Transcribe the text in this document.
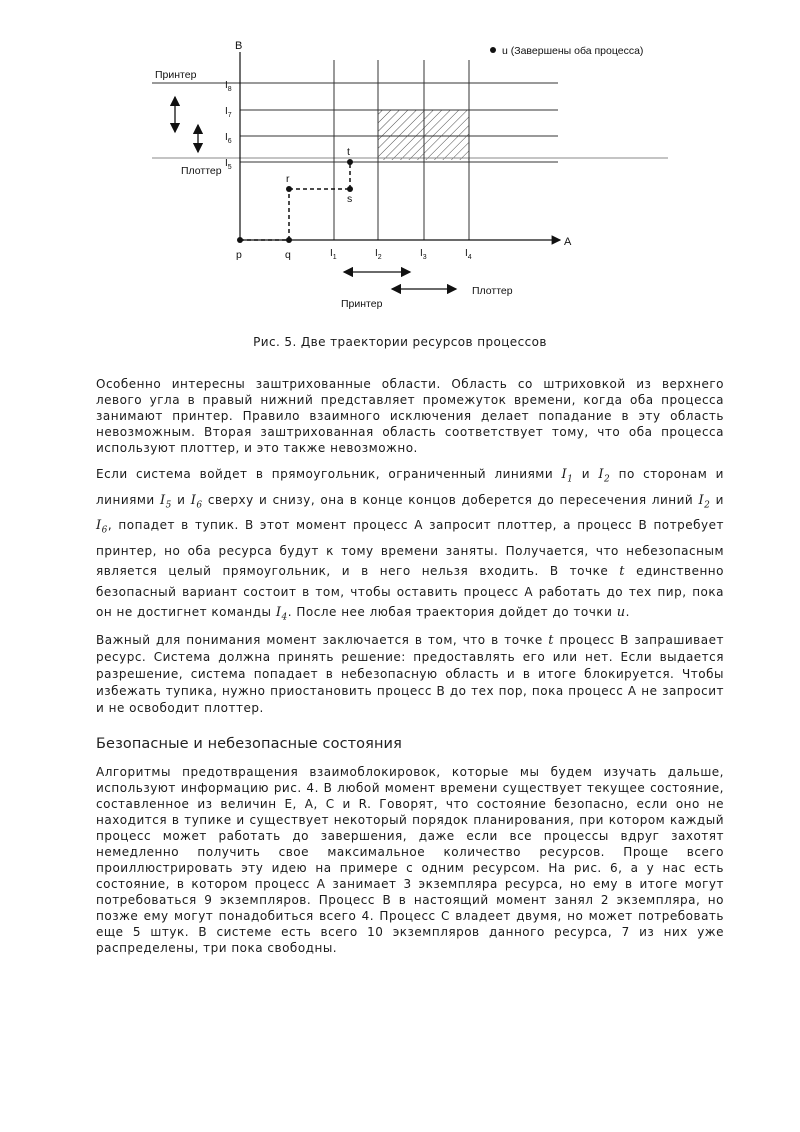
B
A
p	q
r
s
t
u (Завершены оба процесса)
$I_8$
$I_7$
$I_6$
$I_5$
$I_1$	$I_2$	$I_3$	$I_4$
Принтер
Плоттер
Принтер
Плоттер
Рис. 5. Две траектории ресурсов процессов

Особенно интересны заштрихованные области. Область со штриховкой из верхнего левого угла в правый нижний представляет промежуток времени, когда оба процесса занимают принтер. Правило взаимного исключения делает попадание в эту область невозможным. Вторая заштрихованная область соответствует тому, что оба процесса используют плоттер, и это также невозможно.

Если система войдет в прямоугольник, ограниченный линиями $I_1$ и $I_2$ по сторонам и линиями $I_5$ и $I_6$ сверху и снизу, она в конце концов доберется до пересечения линий $I_2$ и $I_6$, попадет в тупик. В этот момент процесс A запросит плоттер, а процесс B потребует принтер, но оба ресурса будут к тому времени заняты. Получается, что небезопасным является целый прямоугольник, и в него нельзя входить. В точке t единственно безопасный вариант состоит в том, чтобы оставить процесс A работать до тех пир, пока он не достигнет команды $I_4$. После нее любая траектория дойдет до точки u.

Важный для понимания момент заключается в том, что в точке t процесс B запрашивает ресурс. Система должна принять решение: предоставлять его или нет. Если выдается разрешение, система попадает в небезопасную область и в итоге блокируется. Чтобы избежать тупика, нужно приостановить процесс B до тех пор, пока процесс A не запросит и не освободит плоттер.

Безопасные и небезопасные состояния

Алгоритмы предотвращения взаимоблокировок, которые мы будем изучать дальше, используют информацию рис. 4. В любой момент времени существует текущее состояние, составленное из величин E, A, C и R. Говорят, что состояние безопасно, если оно не находится в тупике и существует некоторый порядок планирования, при котором каждый процесс может работать до завершения, даже если все процессы вдруг захотят немедленно получить свое максимальное количество ресурсов. Проще всего проиллюстрировать эту идею на примере с одним ресурсом. На рис. 6, а у нас есть состояние, в котором процесс A занимает 3 экземпляра ресурса, но ему в итоге могут потребоваться 9 экземпляров. Процесс B в настоящий момент занял 2 экземпляра, но позже ему могут понадобиться всего 4. Процесс C владеет двумя, но может потребовать еще 5 штук. В системе есть всего 10 экземпляров данного ресурса, 7 из них уже распределены, три пока свободны.
